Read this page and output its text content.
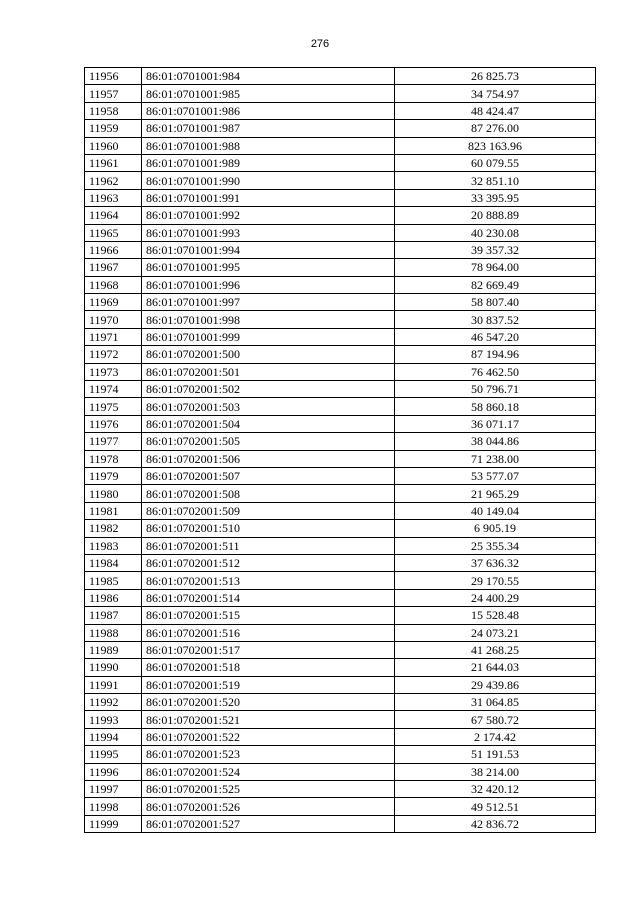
276
11956	86:01:0701001:984	26 825.73
11957	86:01:0701001:985	34 754.97
11958	86:01:0701001:986	48 424.47
11959	86:01:0701001:987	87 276.00
11960	86:01:0701001:988	823 163.96
11961	86:01:0701001:989	60 079.55
11962	86:01:0701001:990	32 851.10
11963	86:01:0701001:991	33 395.95
11964	86:01:0701001:992	20 888.89
11965	86:01:0701001:993	40 230.08
11966	86:01:0701001:994	39 357.32
11967	86:01:0701001:995	78 964.00
11968	86:01:0701001:996	82 669.49
11969	86:01:0701001:997	58 807.40
11970	86:01:0701001:998	30 837.52
11971	86:01:0701001:999	46 547.20
11972	86:01:0702001:500	87 194.96
11973	86:01:0702001:501	76 462.50
11974	86:01:0702001:502	50 796.71
11975	86:01:0702001:503	58 860.18
11976	86:01:0702001:504	36 071.17
11977	86:01:0702001:505	38 044.86
11978	86:01:0702001:506	71 238.00
11979	86:01:0702001:507	53 577.07
11980	86:01:0702001:508	21 965.29
11981	86:01:0702001:509	40 149.04
11982	86:01:0702001:510	6 905.19
11983	86:01:0702001:511	25 355.34
11984	86:01:0702001:512	37 636.32
11985	86:01:0702001:513	29 170.55
11986	86:01:0702001:514	24 400.29
11987	86:01:0702001:515	15 528.48
11988	86:01:0702001:516	24 073.21
11989	86:01:0702001:517	41 268.25
11990	86:01:0702001:518	21 644.03
11991	86:01:0702001:519	29 439.86
11992	86:01:0702001:520	31 064.85
11993	86:01:0702001:521	67 580.72
11994	86:01:0702001:522	2 174.42
11995	86:01:0702001:523	51 191.53
11996	86:01:0702001:524	38 214.00
11997	86:01:0702001:525	32 420.12
11998	86:01:0702001:526	49 512.51
11999	86:01:0702001:527	42 836.72
